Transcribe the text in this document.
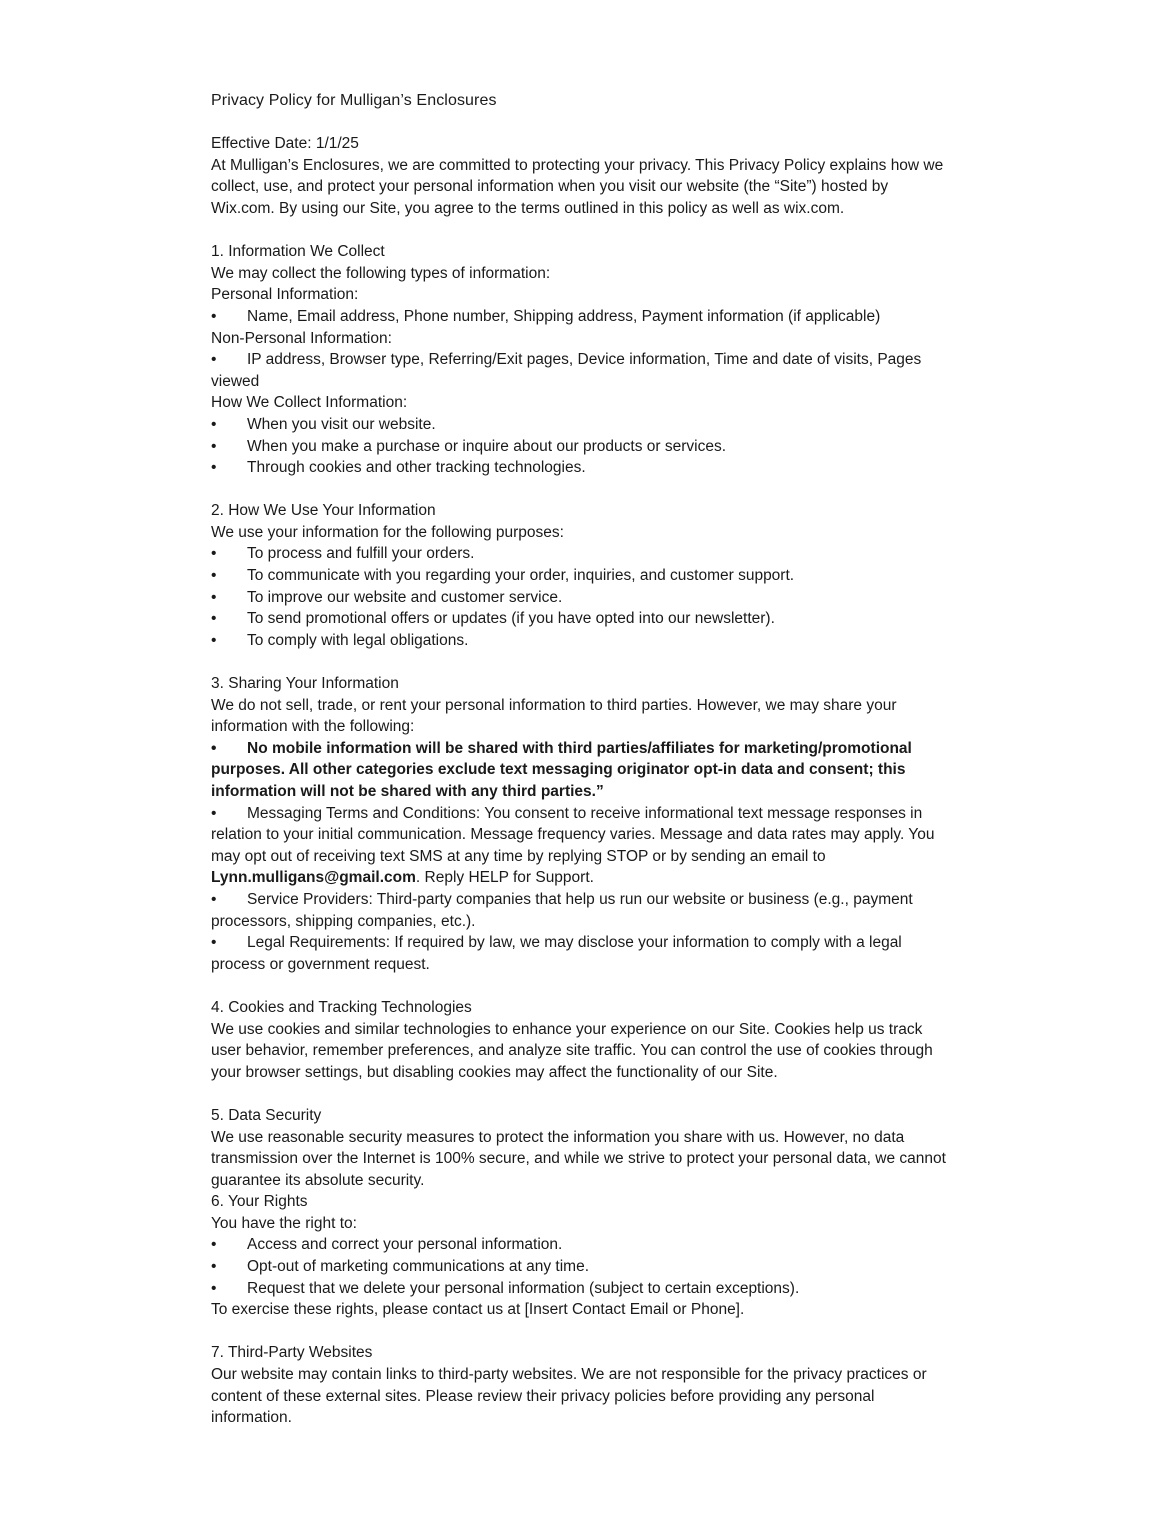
Privacy Policy for Mulligan’s Enclosures

Effective Date: 1/1/25

At Mulligan’s Enclosures, we are committed to protecting your privacy. This Privacy Policy explains how we collect, use, and protect your personal information when you visit our website (the “Site”) hosted by Wix.com. By using our Site, you agree to the terms outlined in this policy as well as wix.com.

1. Information We Collect

We may collect the following types of information:

Personal Information:

• Name, Email address, Phone number, Shipping address, Payment information (if applicable)

Non-Personal Information:

• IP address, Browser type, Referring/Exit pages, Device information, Time and date of visits, Pages viewed

How We Collect Information:

• When you visit our website.

• When you make a purchase or inquire about our products or services.

• Through cookies and other tracking technologies.

2. How We Use Your Information

We use your information for the following purposes:

• To process and fulfill your orders.

• To communicate with you regarding your order, inquiries, and customer support.

• To improve our website and customer service.

• To send promotional offers or updates (if you have opted into our newsletter).

• To comply with legal obligations.

3. Sharing Your Information

We do not sell, trade, or rent your personal information to third parties. However, we may share your information with the following:

• No mobile information will be shared with third parties/affiliates for marketing/promotional purposes. All other categories exclude text messaging originator opt-in data and consent; this information will not be shared with any third parties.”

• Messaging Terms and Conditions: You consent to receive informational text message responses in relation to your initial communication. Message frequency varies. Message and data rates may apply. You may opt out of receiving text SMS at any time by replying STOP or by sending an email to Lynn.mulligans@gmail.com. Reply HELP for Support.

• Service Providers: Third-party companies that help us run our website or business (e.g., payment processors, shipping companies, etc.).

• Legal Requirements: If required by law, we may disclose your information to comply with a legal process or government request.

4. Cookies and Tracking Technologies

We use cookies and similar technologies to enhance your experience on our Site. Cookies help us track user behavior, remember preferences, and analyze site traffic. You can control the use of cookies through your browser settings, but disabling cookies may affect the functionality of our Site.

5. Data Security

We use reasonable security measures to protect the information you share with us. However, no data transmission over the Internet is 100% secure, and while we strive to protect your personal data, we cannot guarantee its absolute security.

6. Your Rights

You have the right to:

• Access and correct your personal information.

• Opt-out of marketing communications at any time.

• Request that we delete your personal information (subject to certain exceptions).

To exercise these rights, please contact us at [Insert Contact Email or Phone].

7. Third-Party Websites

Our website may contain links to third-party websites. We are not responsible for the privacy practices or content of these external sites. Please review their privacy policies before providing any personal information.
